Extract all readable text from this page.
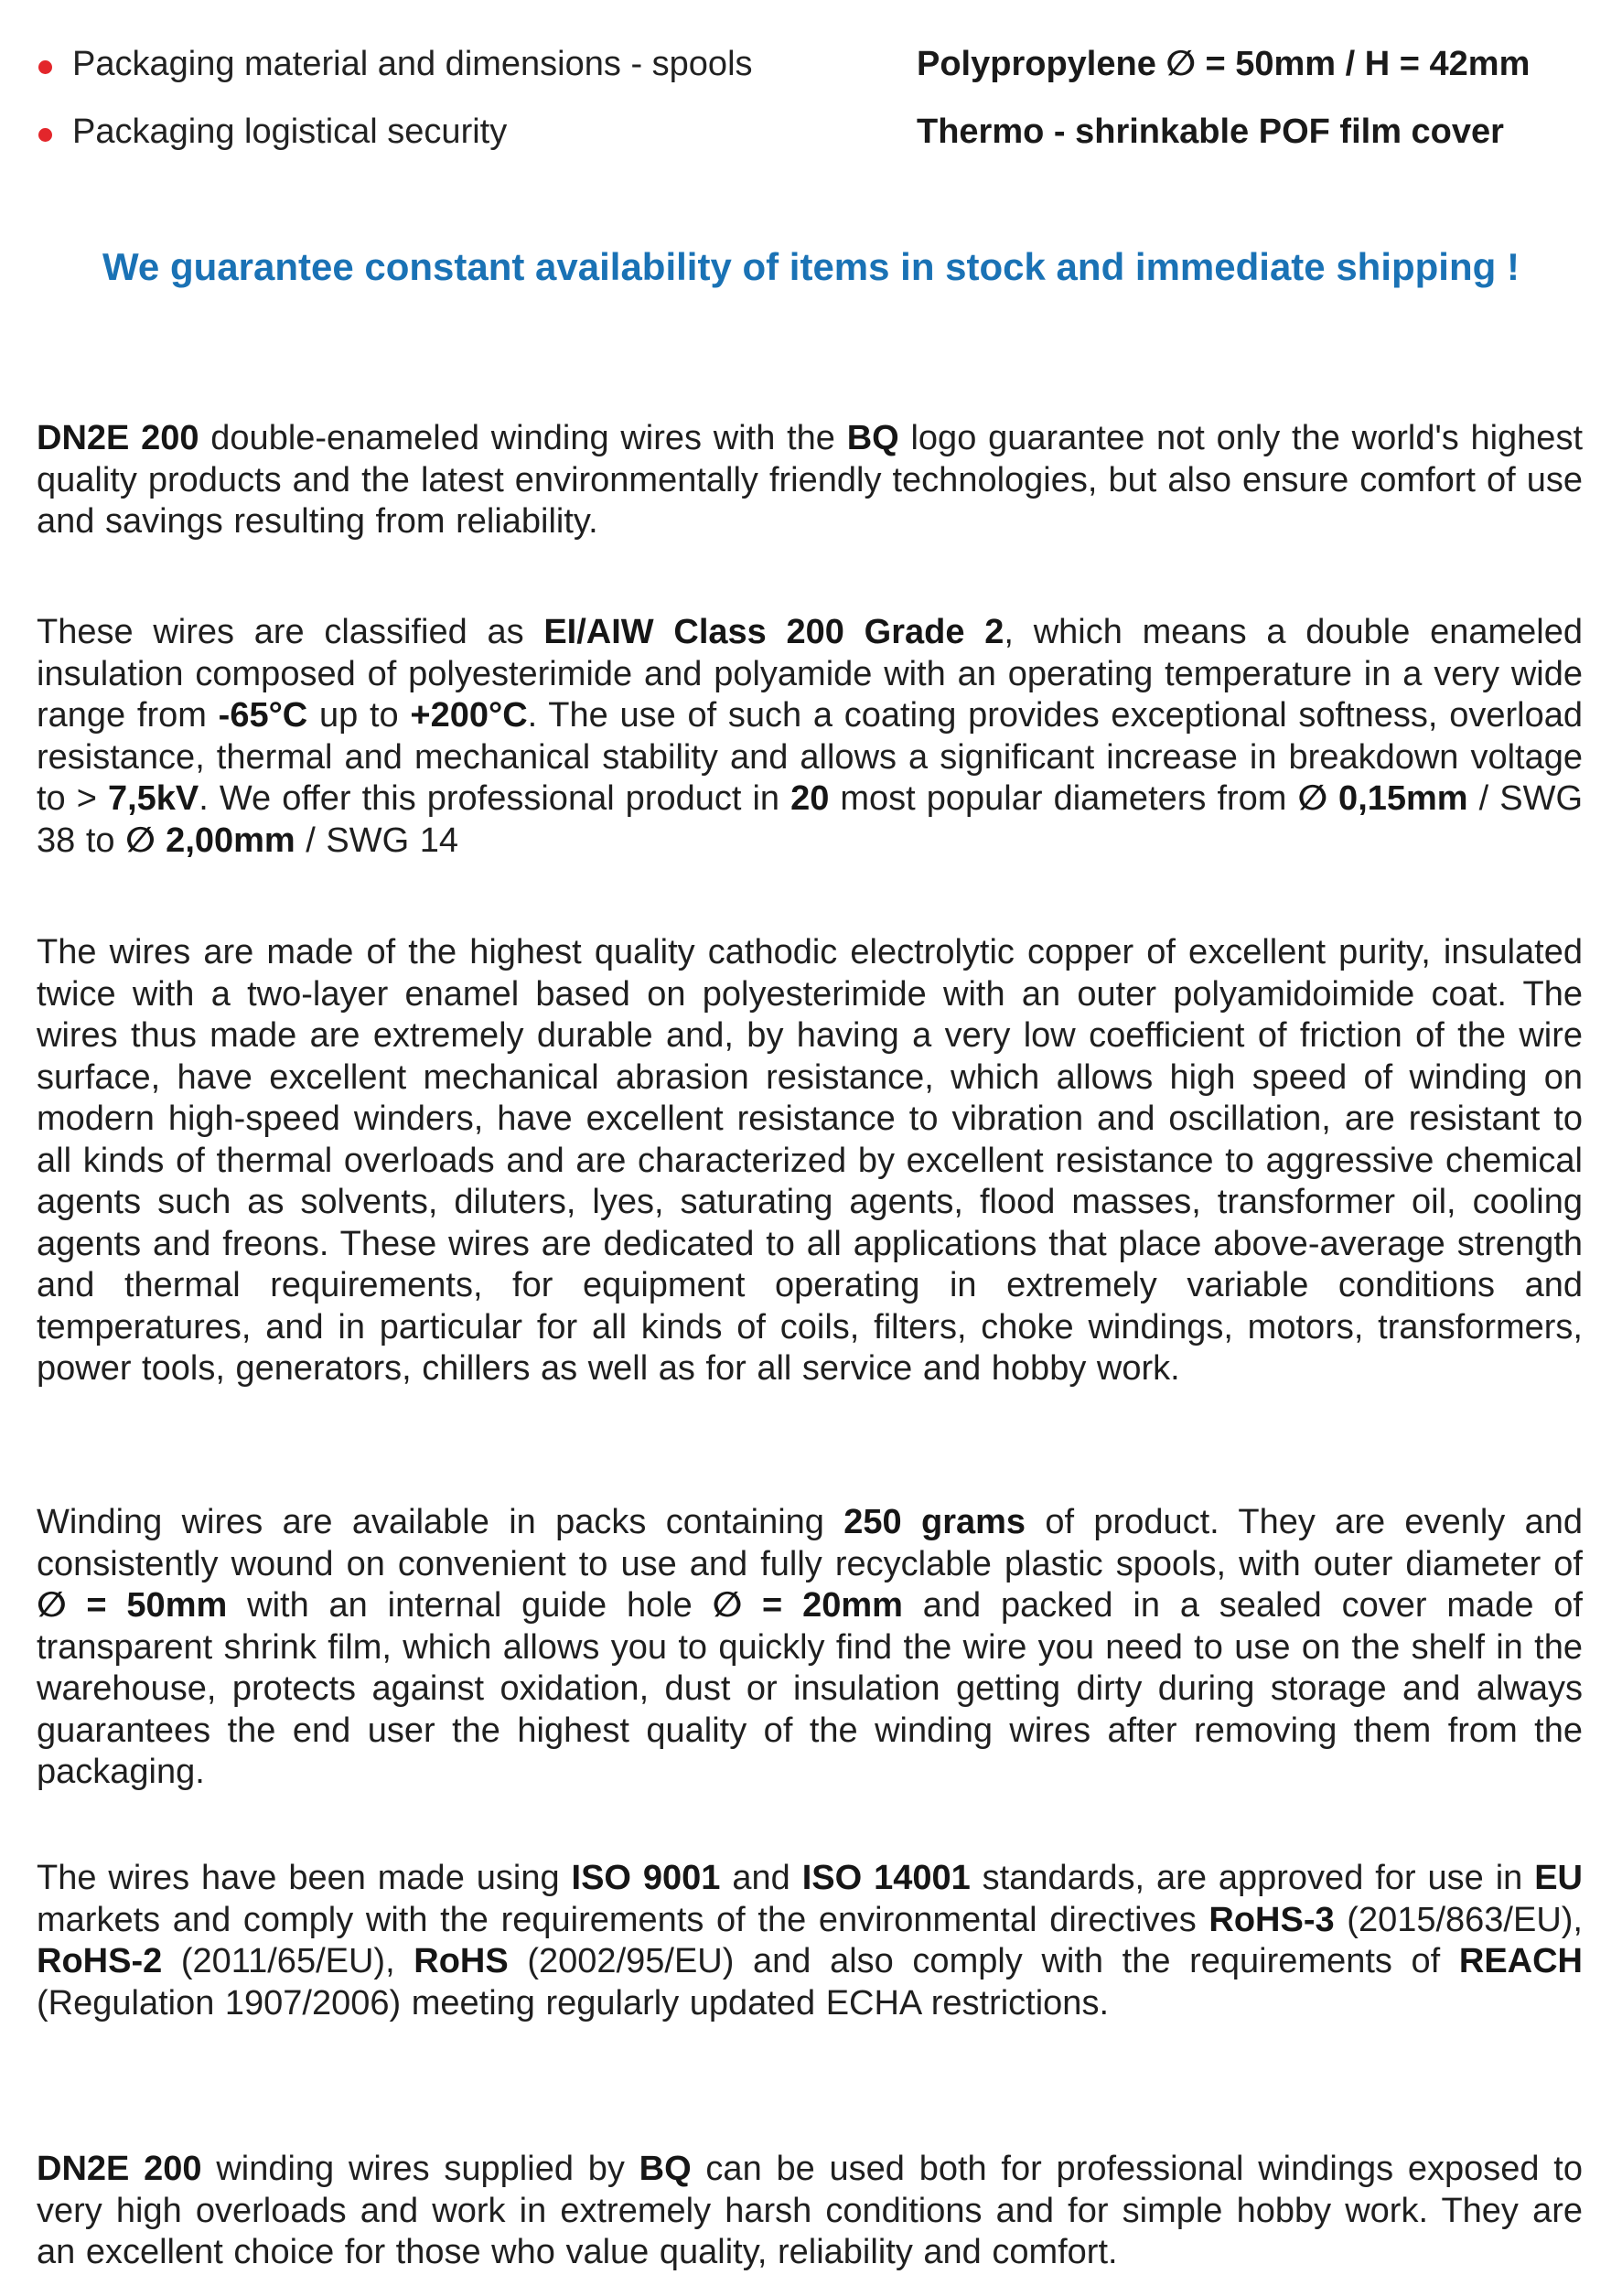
Packaging material and dimensions - spools	Polypropylene ∅ = 50mm / H = 42mm
Packaging logistical security	Thermo - shrinkable POF film cover
We guarantee constant availability of items in stock and immediate shipping !

DN2E 200 double-enameled winding wires with the BQ logo guarantee not only the world's highest quality products and the latest environmentally friendly technologies, but also ensure comfort of use and savings resulting from reliability.

These wires are classified as EI/AIW Class 200 Grade 2, which means a double enameled insulation composed of polyesterimide and polyamide with an operating temperature in a very wide range from -65°C up to +200°C. The use of such a coating provides exceptional softness, overload resistance, thermal and mechanical stability and allows a significant increase in breakdown voltage to > 7,5kV. We offer this professional product in 20 most popular diameters from ∅ 0,15mm / SWG 38 to ∅ 2,00mm / SWG 14

The wires are made of the highest quality cathodic electrolytic copper of excellent purity, insulated twice with a two-layer enamel based on polyesterimide with an outer polyamidoimide coat. The wires thus made are extremely durable and, by having a very low coefficient of friction of the wire surface, have excellent mechanical abrasion resistance, which allows high speed of winding on modern high-speed winders, have excellent resistance to vibration and oscillation, are resistant to all kinds of thermal overloads and are characterized by excellent resistance to aggressive chemical agents such as solvents, diluters, lyes, saturating agents, flood masses, transformer oil, cooling agents and freons. These wires are dedicated to all applications that place above-average strength and thermal requirements, for equipment operating in extremely variable conditions and temperatures, and in particular for all kinds of coils, filters, choke windings, motors, transformers, power tools, generators, chillers as well as for all service and hobby work.

Winding wires are available in packs containing 250 grams of product. They are evenly and consistently wound on convenient to use and fully recyclable plastic spools, with outer diameter of ∅ = 50mm with an internal guide hole ∅ = 20mm and packed in a sealed cover made of transparent shrink film, which allows you to quickly find the wire you need to use on the shelf in the warehouse, protects against oxidation, dust or insulation getting dirty during storage and always guarantees the end user the highest quality of the winding wires after removing them from the packaging.

The wires have been made using ISO 9001 and ISO 14001 standards, are approved for use in EU markets and comply with the requirements of the environmental directives RoHS-3 (2015/863/EU), RoHS-2 (2011/65/EU), RoHS (2002/95/EU) and also comply with the requirements of REACH (Regulation 1907/2006) meeting regularly updated ECHA restrictions.

DN2E 200 winding wires supplied by BQ can be used both for professional windings exposed to very high overloads and work in extremely harsh conditions and for simple hobby work. They are an excellent choice for those who value quality, reliability and comfort.
